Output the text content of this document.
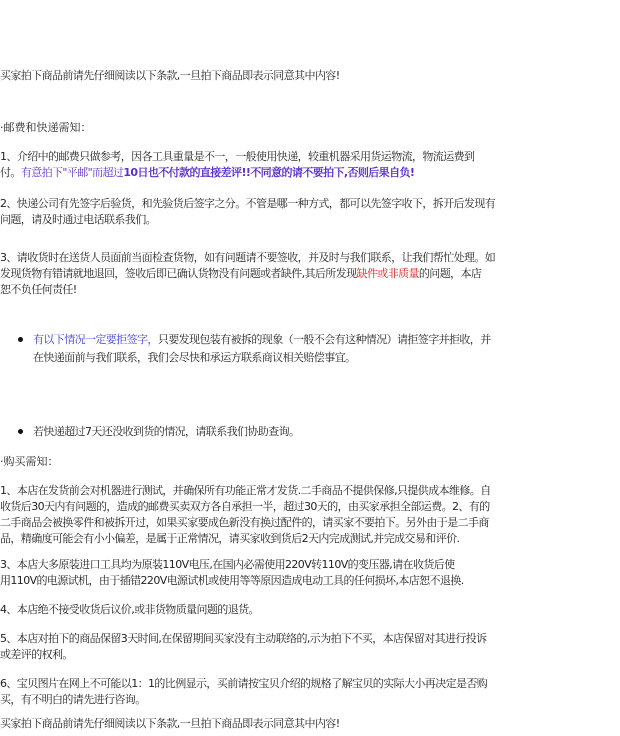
买家拍下商品前请先仔细阅读以下条款,一旦拍下商品即表示同意其中内容!
·邮费和快递需知：
1、介绍中的邮费只做参考，因各工具重量是不一，一般使用快递，较重机器采用货运物流，物流运费到
付。有意拍下"平邮"而超过10日也不付款的直接差评!!不同意的请不要拍下,否则后果自负!
2、快递公司有先签字后验货，和先验货后签字之分。不管是哪一种方式，都可以先签字收下，拆开后发现有
问题，请及时通过电话联系我们。
3、请收货时在送货人员面前当面检查货物，如有问题请不要签收，并及时与我们联系，让我们帮忙处理。如
发现货物有错请就地退回，签收后即已确认货物没有问题或者缺件,其后所发现缺件或非质量的问题，本店
恕不负任何责任!
有以下情况一定要拒签字，只要发现包装有被拆的现象（一般不会有这种情况）请拒签字并拒收，并
在快递面前与我们联系，我们会尽快和承运方联系商议相关赔偿事宜。
若快递超过7天还没收到货的情况，请联系我们协助查询。
·购买需知：
1、本店在发货前会对机器进行测试，并确保所有功能正常才发货.二手商品不提供保修,只提供成本维修。自
收货后30天内有问题的，造成的邮费买卖双方各自承担一半，超过30天的，由买家承担全部运费。2、有的
二手商品会被换零件和被拆开过，如果买家要成色新没有换过配件的，请买家不要拍下。另外由于是二手商
品，精确度可能会有小小偏差，是属于正常情况，请买家收到货后2天内完成测试,并完成交易和评价.
3、本店大多原装进口工具均为原装110V电压,在国内必需使用220V转110V的变压器,请在收货后使
用110V的电源试机，由于插错220V电源试机或使用等等原因造成电动工具的任何损坏,本店恕不退换.
4、本店绝不接受收货后议价,或非货物质量问题的退货。
5、本店对拍下的商品保留3天时间,在保留期间买家没有主动联络的,示为拍下不买，本店保留对其进行投诉
或差评的权利。
6、宝贝图片在网上不可能以1：1的比例显示，买前请按宝贝介绍的规格了解宝贝的实际大小再决定是否购
买，有不明白的请先进行咨询。
买家拍下商品前请先仔细阅读以下条款,一旦拍下商品即表示同意其中内容!
